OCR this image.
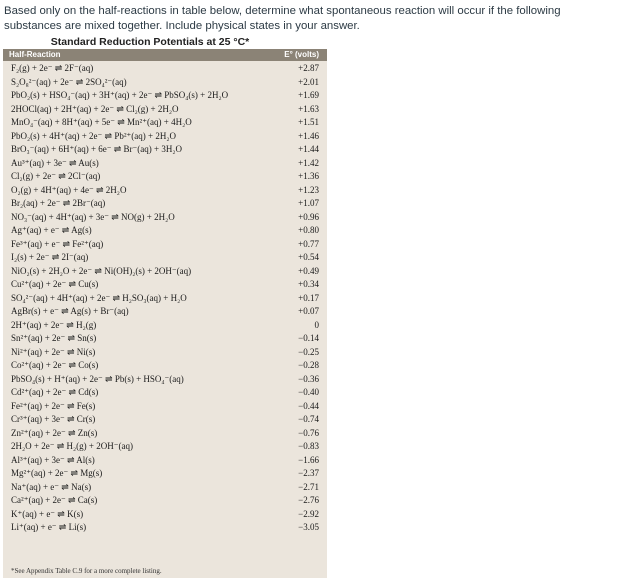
Based only on the half-reactions in table below, determine what spontaneous reaction will occur if the following substances are mixed together. Include physical states in your answer.
Standard Reduction Potentials at 25 °C*
Half-Reaction	E° (volts)
F₂(g) + 2e⁻ ⇌ 2F⁻(aq)	+2.87
S₂O₈²⁻(aq) + 2e⁻ ⇌ 2SO₄²⁻(aq)	+2.01
PbO₂(s) + HSO₄⁻(aq) + 3H⁺(aq) + 2e⁻ ⇌ PbSO₄(s) + 2H₂O	+1.69
2HOCl(aq) + 2H⁺(aq) + 2e⁻ ⇌ Cl₂(g) + 2H₂O	+1.63
MnO₄⁻(aq) + 8H⁺(aq) + 5e⁻ ⇌ Mn²⁺(aq) + 4H₂O	+1.51
PbO₂(s) + 4H⁺(aq) + 2e⁻ ⇌ Pb²⁺(aq) + 2H₂O	+1.46
BrO₃⁻(aq) + 6H⁺(aq) + 6e⁻ ⇌ Br⁻(aq) + 3H₂O	+1.44
Au³⁺(aq) + 3e⁻ ⇌ Au(s)	+1.42
Cl₂(g) + 2e⁻ ⇌ 2Cl⁻(aq)	+1.36
O₂(g) + 4H⁺(aq) + 4e⁻ ⇌ 2H₂O	+1.23
Br₂(aq) + 2e⁻ ⇌ 2Br⁻(aq)	+1.07
NO₃⁻(aq) + 4H⁺(aq) + 3e⁻ ⇌ NO(g) + 2H₂O	+0.96
Ag⁺(aq) + e⁻ ⇌ Ag(s)	+0.80
Fe³⁺(aq) + e⁻ ⇌ Fe²⁺(aq)	+0.77
I₂(s) + 2e⁻ ⇌ 2I⁻(aq)	+0.54
NiO₂(s) + 2H₂O + 2e⁻ ⇌ Ni(OH)₂(s) + 2OH⁻(aq)	+0.49
Cu²⁺(aq) + 2e⁻ ⇌ Cu(s)	+0.34
SO₄²⁻(aq) + 4H⁺(aq) + 2e⁻ ⇌ H₂SO₃(aq) + H₂O	+0.17
AgBr(s) + e⁻ ⇌ Ag(s) + Br⁻(aq)	+0.07
2H⁺(aq) + 2e⁻ ⇌ H₂(g)	0
Sn²⁺(aq) + 2e⁻ ⇌ Sn(s)	−0.14
Ni²⁺(aq) + 2e⁻ ⇌ Ni(s)	−0.25
Co²⁺(aq) + 2e⁻ ⇌ Co(s)	−0.28
PbSO₄(s) + H⁺(aq) + 2e⁻ ⇌ Pb(s) + HSO₄⁻(aq)	−0.36
Cd²⁺(aq) + 2e⁻ ⇌ Cd(s)	−0.40
Fe²⁺(aq) + 2e⁻ ⇌ Fe(s)	−0.44
Cr³⁺(aq) + 3e⁻ ⇌ Cr(s)	−0.74
Zn²⁺(aq) + 2e⁻ ⇌ Zn(s)	−0.76
2H₂O + 2e⁻ ⇌ H₂(g) + 2OH⁻(aq)	−0.83
Al³⁺(aq) + 3e⁻ ⇌ Al(s)	−1.66
Mg²⁺(aq) + 2e⁻ ⇌ Mg(s)	−2.37
Na⁺(aq) + e⁻ ⇌ Na(s)	−2.71
Ca²⁺(aq) + 2e⁻ ⇌ Ca(s)	−2.76
K⁺(aq) + e⁻ ⇌ K(s)	−2.92
Li⁺(aq) + e⁻ ⇌ Li(s)	−3.05
*See Appendix Table C.9 for a more complete listing.
